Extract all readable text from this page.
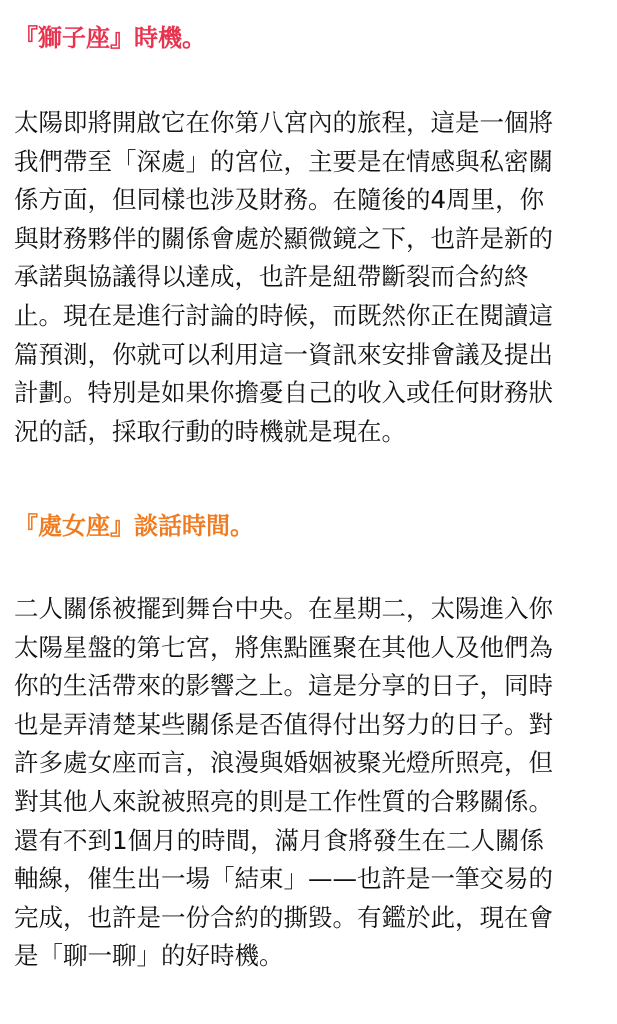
『獅子座』時機。

太陽即將開啟它在你第八宮內的旅程，這是一個將
我們帶至「深處」的宮位，主要是在情感與私密關
係方面，但同樣也涉及財務。在隨後的4周里，你
與財務夥伴的關係會處於顯微鏡之下，也許是新的
承諾與協議得以達成，也許是紐帶斷裂而合約終
止。現在是進行討論的時候，而既然你正在閱讀這
篇預測，你就可以利用這一資訊來安排會議及提出
計劃。特別是如果你擔憂自己的收入或任何財務狀
況的話，採取行動的時機就是現在。

『處女座』談話時間。

二人關係被擺到舞台中央。在星期二，太陽進入你
太陽星盤的第七宮，將焦點匯聚在其他人及他們為
你的生活帶來的影響之上。這是分享的日子，同時
也是弄清楚某些關係是否值得付出努力的日子。對
許多處女座而言，浪漫與婚姻被聚光燈所照亮，但
對其他人來說被照亮的則是工作性質的合夥關係。
還有不到1個月的時間，滿月食將發生在二人關係
軸線，催生出一場「結束」——也許是一筆交易的
完成，也許是一份合約的撕毀。有鑑於此，現在會
是「聊一聊」的好時機。
